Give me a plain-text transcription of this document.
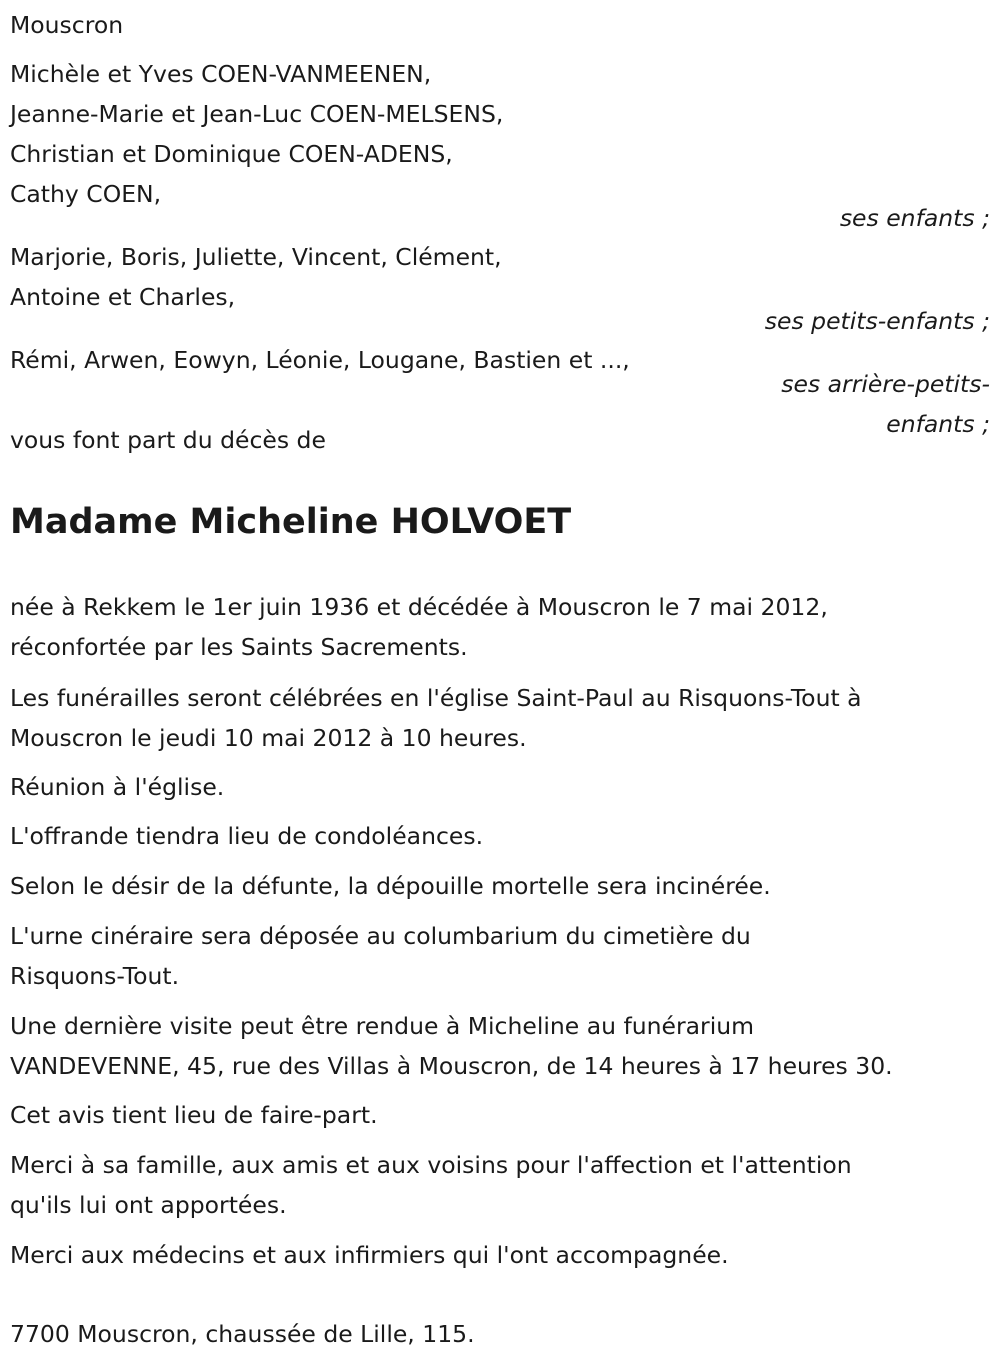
Mouscron
Michèle et Yves COEN-VANMEENEN,
Jeanne-Marie et Jean-Luc COEN-MELSENS,
Christian et Dominique COEN-ADENS,
Cathy COEN,
ses enfants ;
Marjorie, Boris, Juliette, Vincent, Clément,
Antoine et Charles,
ses petits-enfants ;
Rémi, Arwen, Eowyn, Léonie, Lougane, Bastien et ...,
ses arrière-petits-
enfants ;
vous font part du décès de
Madame Micheline HOLVOET
née à Rekkem le 1er juin 1936 et décédée à Mouscron le 7 mai 2012,
réconfortée par les Saints Sacrements.
Les funérailles seront célébrées en l'église Saint-Paul au Risquons-Tout à
Mouscron le jeudi 10 mai 2012 à 10 heures.
Réunion à l'église.
L'offrande tiendra lieu de condoléances.
Selon le désir de la défunte, la dépouille mortelle sera incinérée.
L'urne cinéraire sera déposée au columbarium du cimetière du
Risquons-Tout.
Une dernière visite peut être rendue à Micheline au funérarium
VANDEVENNE, 45, rue des Villas à Mouscron, de 14 heures à 17 heures 30.
Cet avis tient lieu de faire-part.
Merci à sa famille, aux amis et aux voisins pour l'affection et l'attention
qu'ils lui ont apportées.
Merci aux médecins et aux infirmiers qui l'ont accompagnée.
7700 Mouscron, chaussée de Lille, 115.
